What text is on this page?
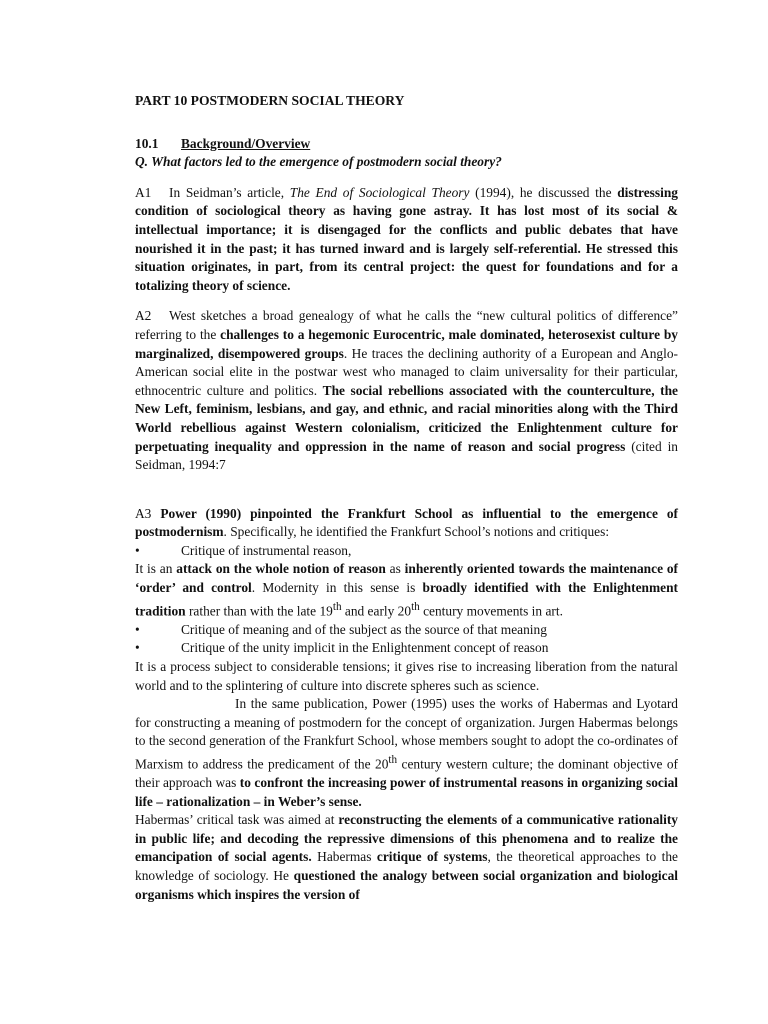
PART 10 POSTMODERN SOCIAL THEORY

10.1 Background/Overview

Q. What factors led to the emergence of postmodern social theory?

A1 In Seidman’s article, The End of Sociological Theory (1994), he discussed the distressing condition of sociological theory as having gone astray. It has lost most of its social & intellectual importance; it is disengaged for the conflicts and public debates that have nourished it in the past; it has turned inward and is largely self-referential. He stressed this situation originates, in part, from its central project: the quest for foundations and for a totalizing theory of science.

A2 West sketches a broad genealogy of what he calls the “new cultural politics of difference” referring to the challenges to a hegemonic Eurocentric, male dominated, heterosexist culture by marginalized, disempowered groups. He traces the declining authority of a European and Anglo-American social elite in the postwar west who managed to claim universality for their particular, ethnocentric culture and politics. The social rebellions associated with the counterculture, the New Left, feminism, lesbians, and gay, and ethnic, and racial minorities along with the Third World rebellious against Western colonialism, criticized the Enlightenment culture for perpetuating inequality and oppression in the name of reason and social progress (cited in Seidman, 1994:7

A3 Power (1990) pinpointed the Frankfurt School as influential to the emergence of postmodernism. Specifically, he identified the Frankfurt School’s notions and critiques:

•	Critique of instrumental reason,

It is an attack on the whole notion of reason as inherently oriented towards the maintenance of ‘order’ and control. Modernity in this sense is broadly identified with the Enlightenment tradition rather than with the late 19th and early 20th century movements in art.

•	Critique of meaning and of the subject as the source of that meaning
•	Critique of the unity implicit in the Enlightenment concept of reason

It is a process subject to considerable tensions; it gives rise to increasing liberation from the natural world and to the splintering of culture into discrete spheres such as science.

In the same publication, Power (1995) uses the works of Habermas and Lyotard for constructing a meaning of postmodern for the concept of organization. Jurgen Habermas belongs to the second generation of the Frankfurt School, whose members sought to adopt the co-ordinates of Marxism to address the predicament of the 20th century western culture; the dominant objective of their approach was to confront the increasing power of instrumental reasons in organizing social life – rationalization – in Weber’s sense.

Habermas’ critical task was aimed at reconstructing the elements of a communicative rationality in public life; and decoding the repressive dimensions of this phenomena and to realize the emancipation of social agents. Habermas critique of systems, the theoretical approaches to the knowledge of sociology. He questioned the analogy between social organization and biological organisms which inspires the version of
